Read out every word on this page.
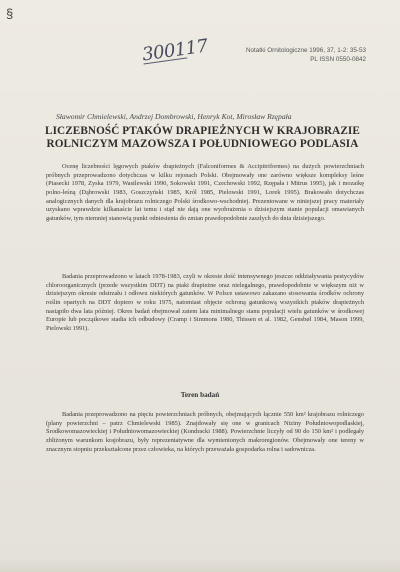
§
Notatki Ornitologiczne 1996, 37, 1-2: 35-53
PL ISSN 0550-0842
300117
Sławomir Chmielewski, Andrzej Dombrowski, Henryk Kot, Mirosław Rzępała
LICZEBNOŚĆ PTAKÓW DRAPIEŻNYCH W KRAJOBRAZIE
ROLNICZYM MAZOWSZA I POŁUDNIOWEGO PODLASIA

Ocenę liczebności lęgowych ptaków drapieżnych (Falconiformes & Accipitriformes) na dużych powierzchniach próbnych przeprowadzono dotychczas w kilku rejonach Polski. Obejmowały one zarówno większe kompleksy leśne (Piasecki 1978, Zyska 1979, Wasilewski 1990, Sokowski 1991, Czechowski 1992, Rzępała i Mitrus 1995), jak i mozaikę polno-leśną (Dąbrowski 1983, Goszczyński 1985, Król 1985, Pielowski 1991, Lorek 1995). Brakowało dotychczas analogicznych danych dla krajobrazu rolniczego Polski środkowo-wschodniej. Prezentowane w niniejszej pracy materiały uzyskano wprawdzie kilkanaście lat temu i stąd nie dają one wyobrażenia o dzisiejszym stanie populacji omawianych gatunków, tym niemniej stanowią punkt odniesienia do zmian prawdopodobnie zaszłych do dnia dzisiejszego.

Badania przeprowadzono w latach 1978-1983, czyli w okresie dość intensywnego jeszcze oddziaływania pestycydów chloroorganicznych (przede wszystkim DDT) na ptaki drapieżne oraz nielegalnego, prawdopodobnie w większym niż w dzisiejszym okresie odstrzału i odłowu niektórych gatunków. W Polsce ustawowo zakazano stosowania środków ochrony roślin opartych na DDT dopiero w roku 1975, natomiast objęcie ochroną gatunkową wszystkich ptaków drapieżnych nastąpiło dwa lata później. Okres badań obejmował zatem lata minimalnego stanu populacji wielu gatunków w środkowej Europie lub początkowe stadia ich odbudowy (Cramp i Simmons 1980, Thissen et al. 1982, Gensbøl 1984, Mason 1999, Pielowski 1991).

Teren badań

Badania przeprowadzono na pięciu powierzchniach próbnych, obejmujących łącznie 550 km² krajobrazu rolniczego (plany powierzchni – patrz Chmielewski 1985). Znajdowały się one w granicach Niziny Południowopodlaskiej, Środkowomazowieckiej i Południowomazowieckiej (Kondracki 1988). Powierzchnie liczyły od 90 do 150 km² i podlegały zbliżonym warunkom krajobrazu, były reprezentatywne dla wymienionych makroregionów. Obejmowały one tereny w znacznym stopniu przekształcone przez człowieka, na których przeważała gospodarka rolna i sadownicza.
